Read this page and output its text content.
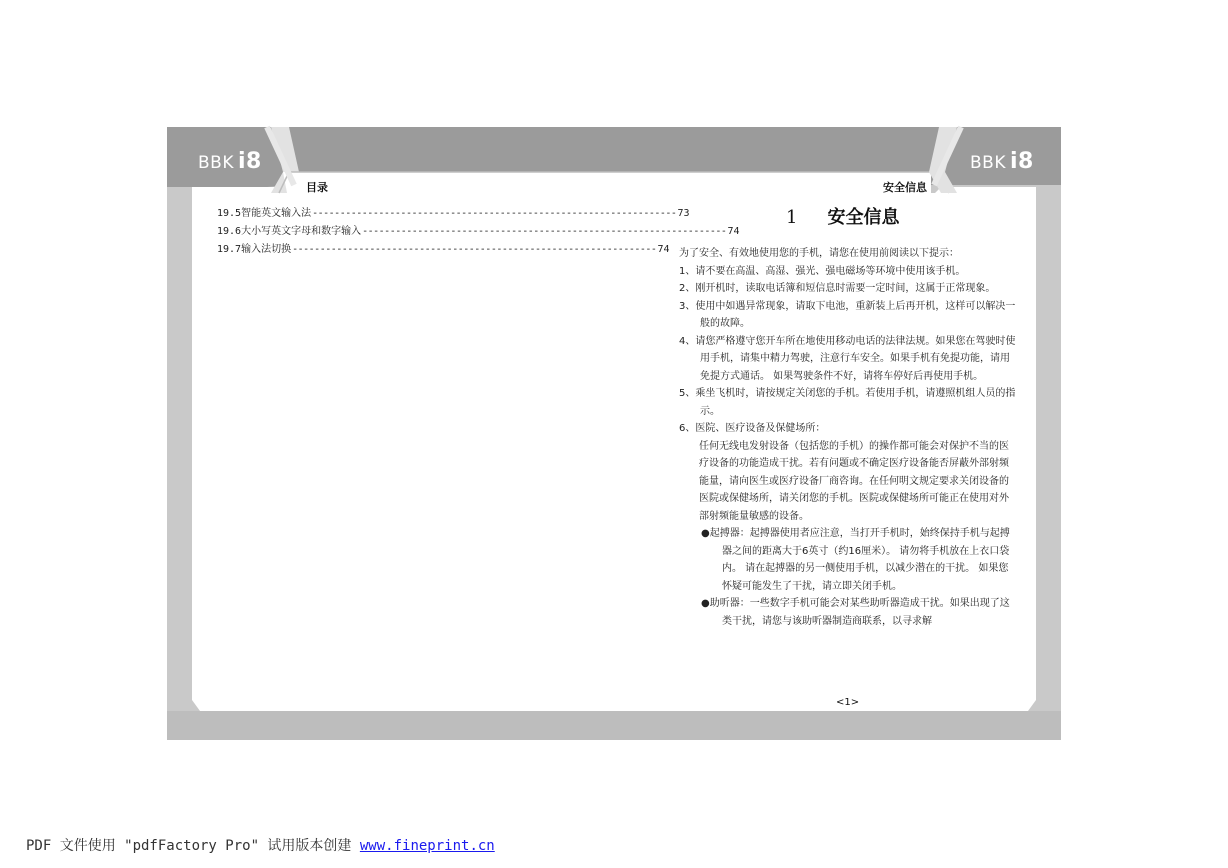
BBK i8	BBK i8
目录	安全信息
19.5 智能英文输入法 ------------------------------------------------------------------ 73
19.6 大小写英文字母和数字输入 ------------------------------------------------------------------ 74
19.7 输入法切换 ------------------------------------------------------------------ 74
1 安全信息

为了安全、有效地使用您的手机，请您在使用前阅读以下提示：

1、请不要在高温、高湿、强光、强电磁场等环境中使用该手机。

2、刚开机时，读取电话簿和短信息时需要一定时间，这属于正常现象。

3、使用中如遇异常现象，请取下电池，重新装上后再开机，这样可以解决一般的故障。

4、请您严格遵守您开车所在地使用移动电话的法律法规。如果您在驾驶时使用手机，请集中精力驾驶，注意行车安全。如果手机有免提功能，请用免提方式通话。 如果驾驶条件不好，请将车停好后再使用手机。

5、乘坐飞机时，请按规定关闭您的手机。若使用手机，请遵照机组人员的指示。

6、医院、医疗设备及保健场所：

任何无线电发射设备（包括您的手机）的操作都可能会对保护不当的医疗设备的功能造成干扰。若有问题或不确定医疗设备能否屏蔽外部射频能量，请向医生或医疗设备厂商咨询。在任何明文规定要求关闭设备的医院或保健场所，请关闭您的手机。医院或保健场所可能正在使用对外部射频能量敏感的设备。

●起搏器：起搏器使用者应注意，当打开手机时，始终保持手机与起搏器之间的距离大于6英寸（约16厘米）。 请勿将手机放在上衣口袋内。 请在起搏器的另一侧使用手机，以减少潜在的干扰。 如果您怀疑可能发生了干扰，请立即关闭手机。

●助听器：一些数字手机可能会对某些助听器造成干扰。如果出现了这类干扰，请您与该助听器制造商联系，以寻求解

<1>
PDF 文件使用 "pdfFactory Pro" 试用版本创建 www.fineprint.cn
